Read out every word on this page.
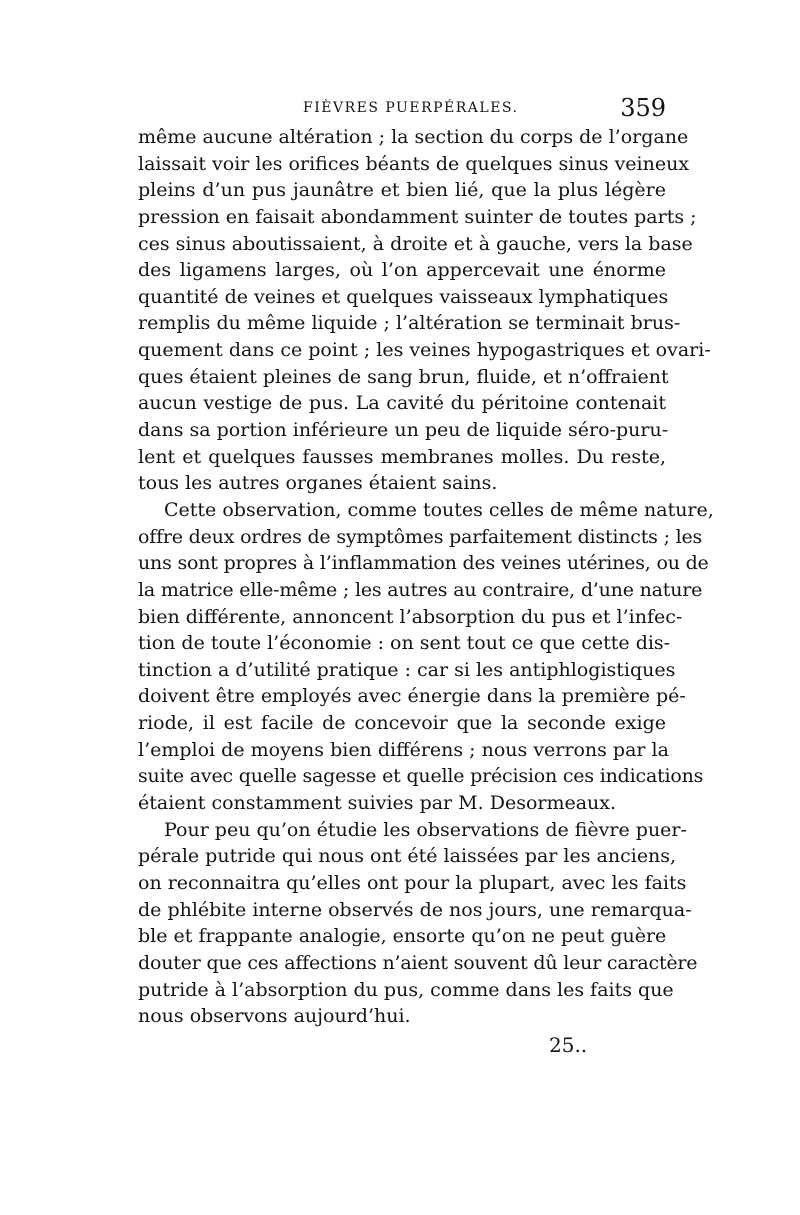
FIÈVRES PUERPÉRALES.	359
même aucune altération ; la section du corps de l’organe
laissait voir les orifices béants de quelques sinus veineux
pleins d’un pus jaunâtre et bien lié, que la plus légère
pression en faisait abondamment suinter de toutes parts ;
ces sinus aboutissaient, à droite et à gauche, vers la base
des ligamens larges, où l’on appercevait une énorme
quantité de veines et quelques vaisseaux lymphatiques
remplis du même liquide ; l’altération se terminait brus-
quement dans ce point ; les veines hypogastriques et ovari-
ques étaient pleines de sang brun, fluide, et n’offraient
aucun vestige de pus. La cavité du péritoine contenait
dans sa portion inférieure un peu de liquide séro-puru-
lent et quelques fausses membranes molles. Du reste,
tous les autres organes étaient sains.
Cette observation, comme toutes celles de même nature,
offre deux ordres de symptômes parfaitement distincts ; les
uns sont propres à l’inflammation des veines utérines, ou de
la matrice elle-même ; les autres au contraire, d’une nature
bien différente, annoncent l’absorption du pus et l’infec-
tion de toute l’économie : on sent tout ce que cette dis-
tinction a d’utilité pratique : car si les antiphlogistiques
doivent être employés avec énergie dans la première pé-
riode, il est facile de concevoir que la seconde exige
l’emploi de moyens bien différens ; nous verrons par la
suite avec quelle sagesse et quelle précision ces indications
étaient constamment suivies par M. Desormeaux.
Pour peu qu’on étudie les observations de fièvre puer-
pérale putride qui nous ont été laissées par les anciens,
on reconnaitra qu’elles ont pour la plupart, avec les faits
de phlébite interne observés de nos jours, une remarqua-
ble et frappante analogie, ensorte qu’on ne peut guère
douter que ces affections n’aient souvent dû leur caractère
putride à l’absorption du pus, comme dans les faits que
nous observons aujourd’hui.
25..
